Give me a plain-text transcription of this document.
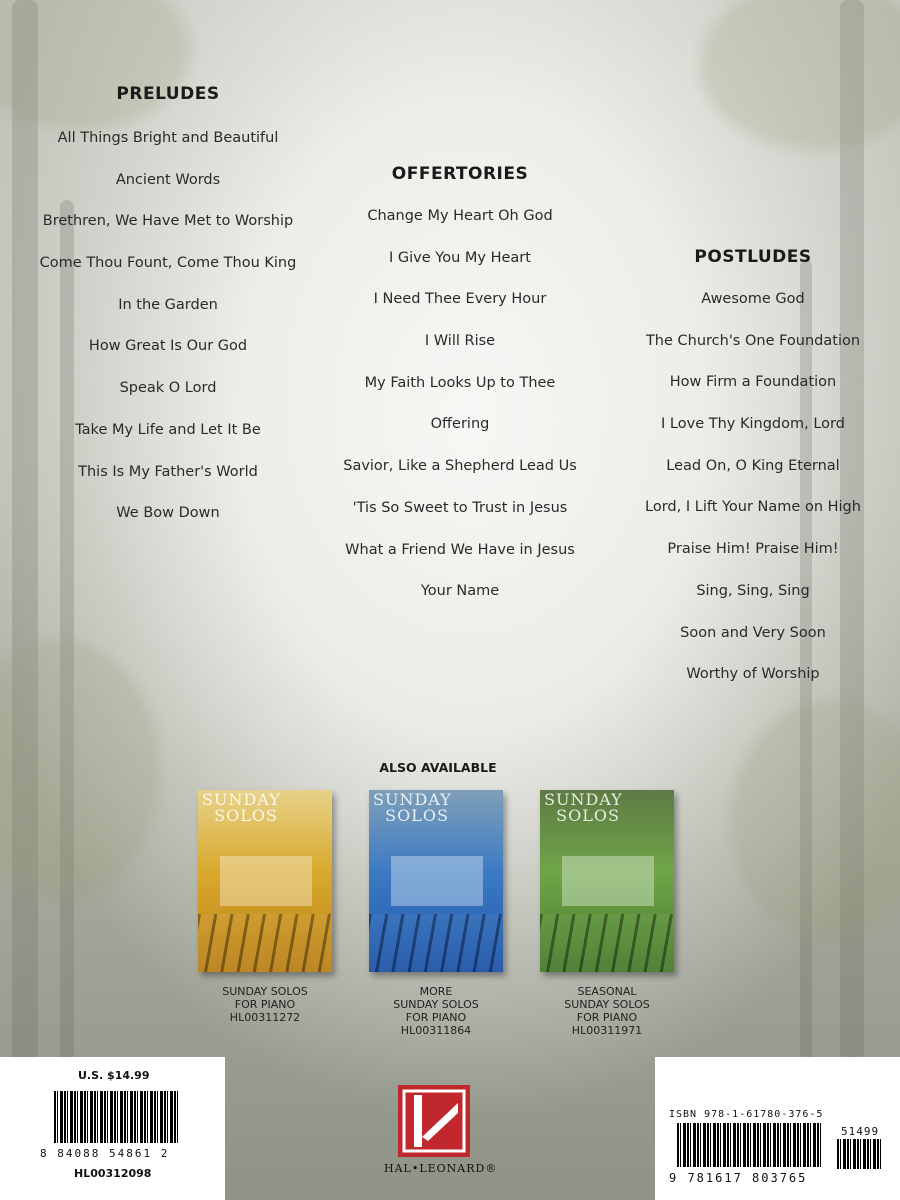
PRELUDES
All Things Bright and Beautiful
Ancient Words
Brethren, We Have Met to Worship
Come Thou Fount, Come Thou King
In the Garden
How Great Is Our God
Speak O Lord
Take My Life and Let It Be
This Is My Father's World
We Bow Down
OFFERTORIES
Change My Heart Oh God
I Give You My Heart
I Need Thee Every Hour
I Will Rise
My Faith Looks Up to Thee
Offering
Savior, Like a Shepherd Lead Us
'Tis So Sweet to Trust in Jesus
What a Friend We Have in Jesus
Your Name
POSTLUDES
Awesome God
The Church's One Foundation
How Firm a Foundation
I Love Thy Kingdom, Lord
Lead On, O King Eternal
Lord, I Lift Your Name on High
Praise Him! Praise Him!
Sing, Sing, Sing
Soon and Very Soon
Worthy of Worship
ALSO AVAILABLE
SUNDAY
SOLOS
SUNDAY
SOLOS
SUNDAY
SOLOS
SUNDAY SOLOS
FOR PIANO
HL00311272
MORE
SUNDAY SOLOS
FOR PIANO
HL00311864
SEASONAL
SUNDAY SOLOS
FOR PIANO
HL00311971
U.S. $14.99
8 84088 54861 2
HL00312098	HAL•LEONARD®
ISBN 978-1-61780-376-5
51499
9 781617 803765
